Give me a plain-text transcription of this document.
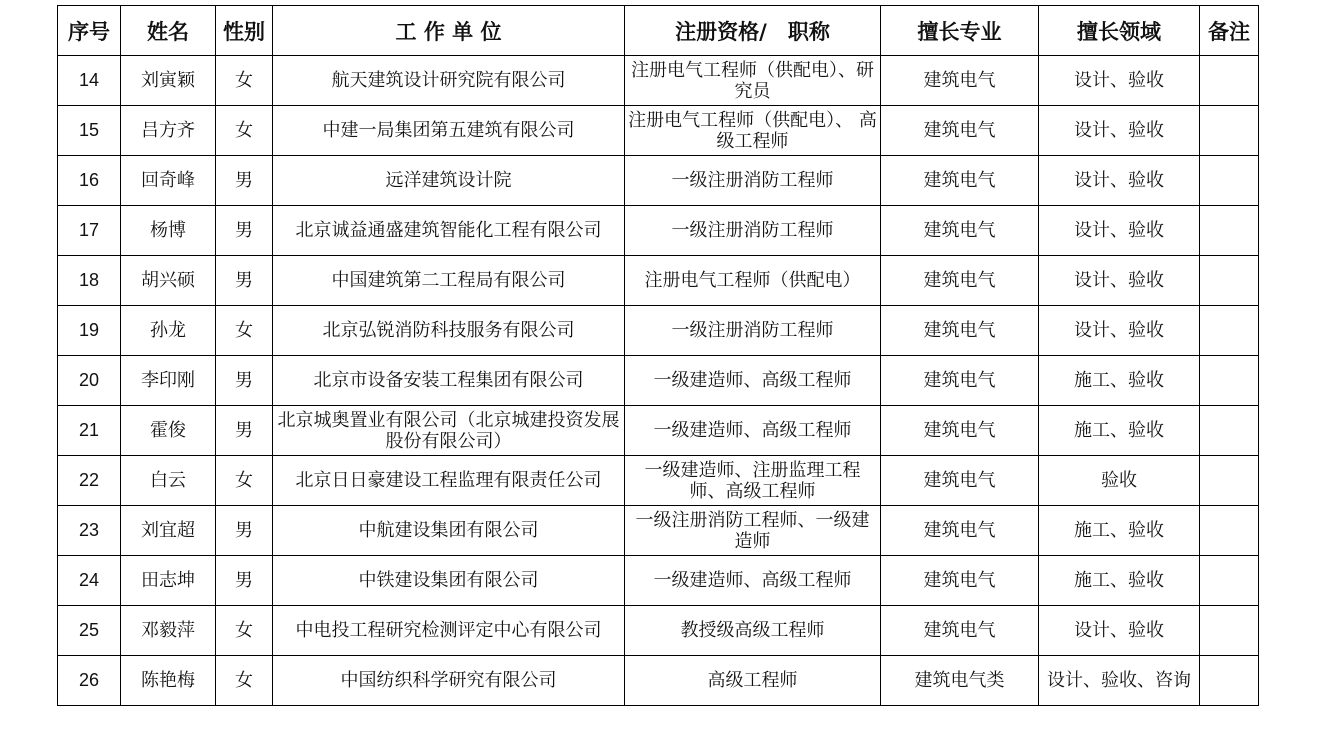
序号	姓名	性别	工 作 单 位	注册资格/　职称	擅长专业	擅长领域	备注
14	刘寅颖	女	航天建筑设计研究院有限公司	注册电气工程师（供配电）、研究员	建筑电气	设计、验收	
15	吕方齐	女	中建一局集团第五建筑有限公司	注册电气工程师（供配电）、 高级工程师	建筑电气	设计、验收	
16	回奇峰	男	远洋建筑设计院	一级注册消防工程师	建筑电气	设计、验收	
17	杨博	男	北京诚益通盛建筑智能化工程有限公司	一级注册消防工程师	建筑电气	设计、验收	
18	胡兴硕	男	中国建筑第二工程局有限公司	注册电气工程师（供配电）	建筑电气	设计、验收	
19	孙龙	女	北京弘锐消防科技服务有限公司	一级注册消防工程师	建筑电气	设计、验收	
20	李印刚	男	北京市设备安装工程集团有限公司	一级建造师、高级工程师	建筑电气	施工、验收	
21	霍俊	男	北京城奥置业有限公司（北京城建投资发展股份有限公司）	一级建造师、高级工程师	建筑电气	施工、验收	
22	白云	女	北京日日豪建设工程监理有限责任公司	一级建造师、注册监理工程师、高级工程师	建筑电气	验收	
23	刘宜超	男	中航建设集团有限公司	一级注册消防工程师、一级建造师	建筑电气	施工、验收	
24	田志坤	男	中铁建设集团有限公司	一级建造师、高级工程师	建筑电气	施工、验收	
25	邓毅萍	女	中电投工程研究检测评定中心有限公司	教授级高级工程师	建筑电气	设计、验收	
26	陈艳梅	女	中国纺织科学研究有限公司	高级工程师	建筑电气类	设计、验收、咨询	
